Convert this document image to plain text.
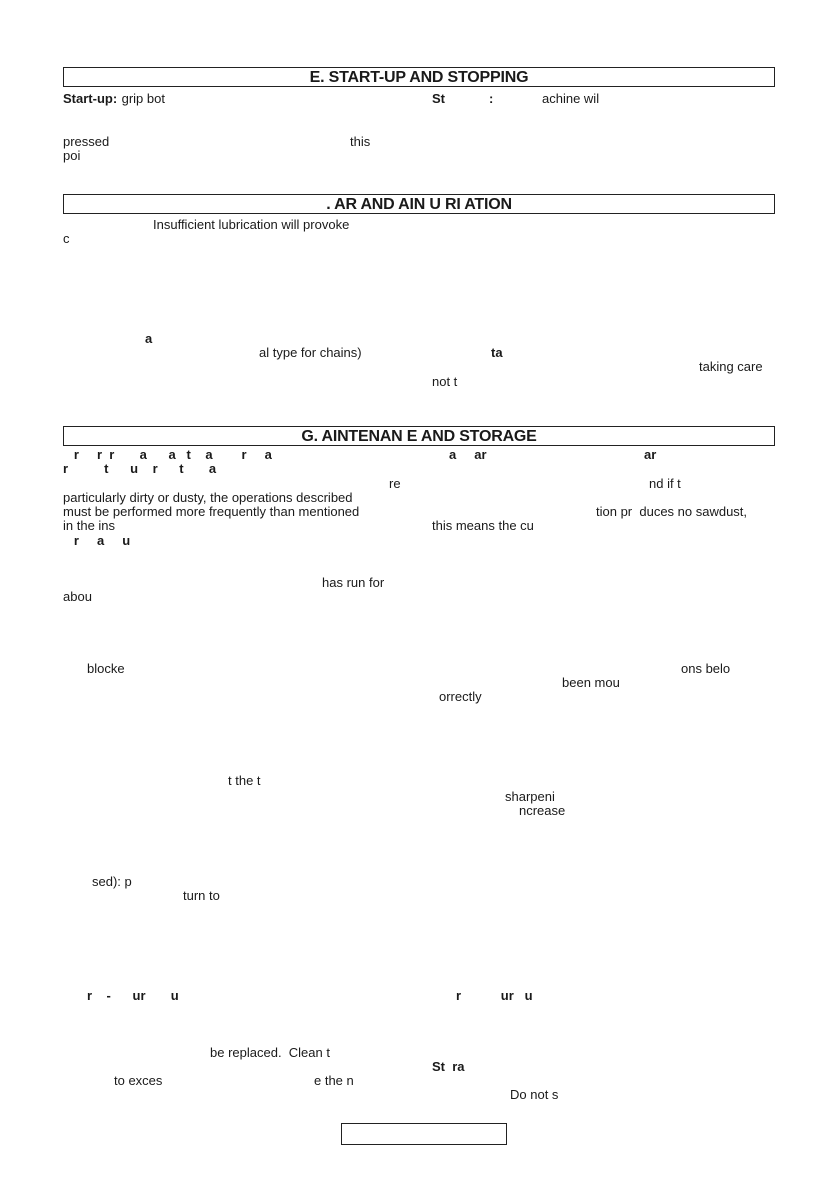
E. START-UP AND STOPPING
Start-up: grip bot	St	:	achine wil
pressed	this
poi
. AR AND AIN U RI ATION
Insufficient lubrication will provoke
c
a
al type for chains)	ta
taking care
not t
G. AINTENAN E AND STORAGE
r     r  r       a      a   t    a        r     a	a     ar	ar
r          t      u    r      t       a
re	nd if t
particularly dirty or dusty, the operations described
must be performed more frequently than mentioned	tion pr  duces no sawdust,
in the ins	this means the cu
r     a     u
has run for
abou
blocke	ons belo
been mou
orrectly
t the t
sharpeni
ncrease
sed): p
turn to
r    -      ur       u	r           ur   u
be replaced.  Clean t
St  ra
to exces	e the n
Do not s
